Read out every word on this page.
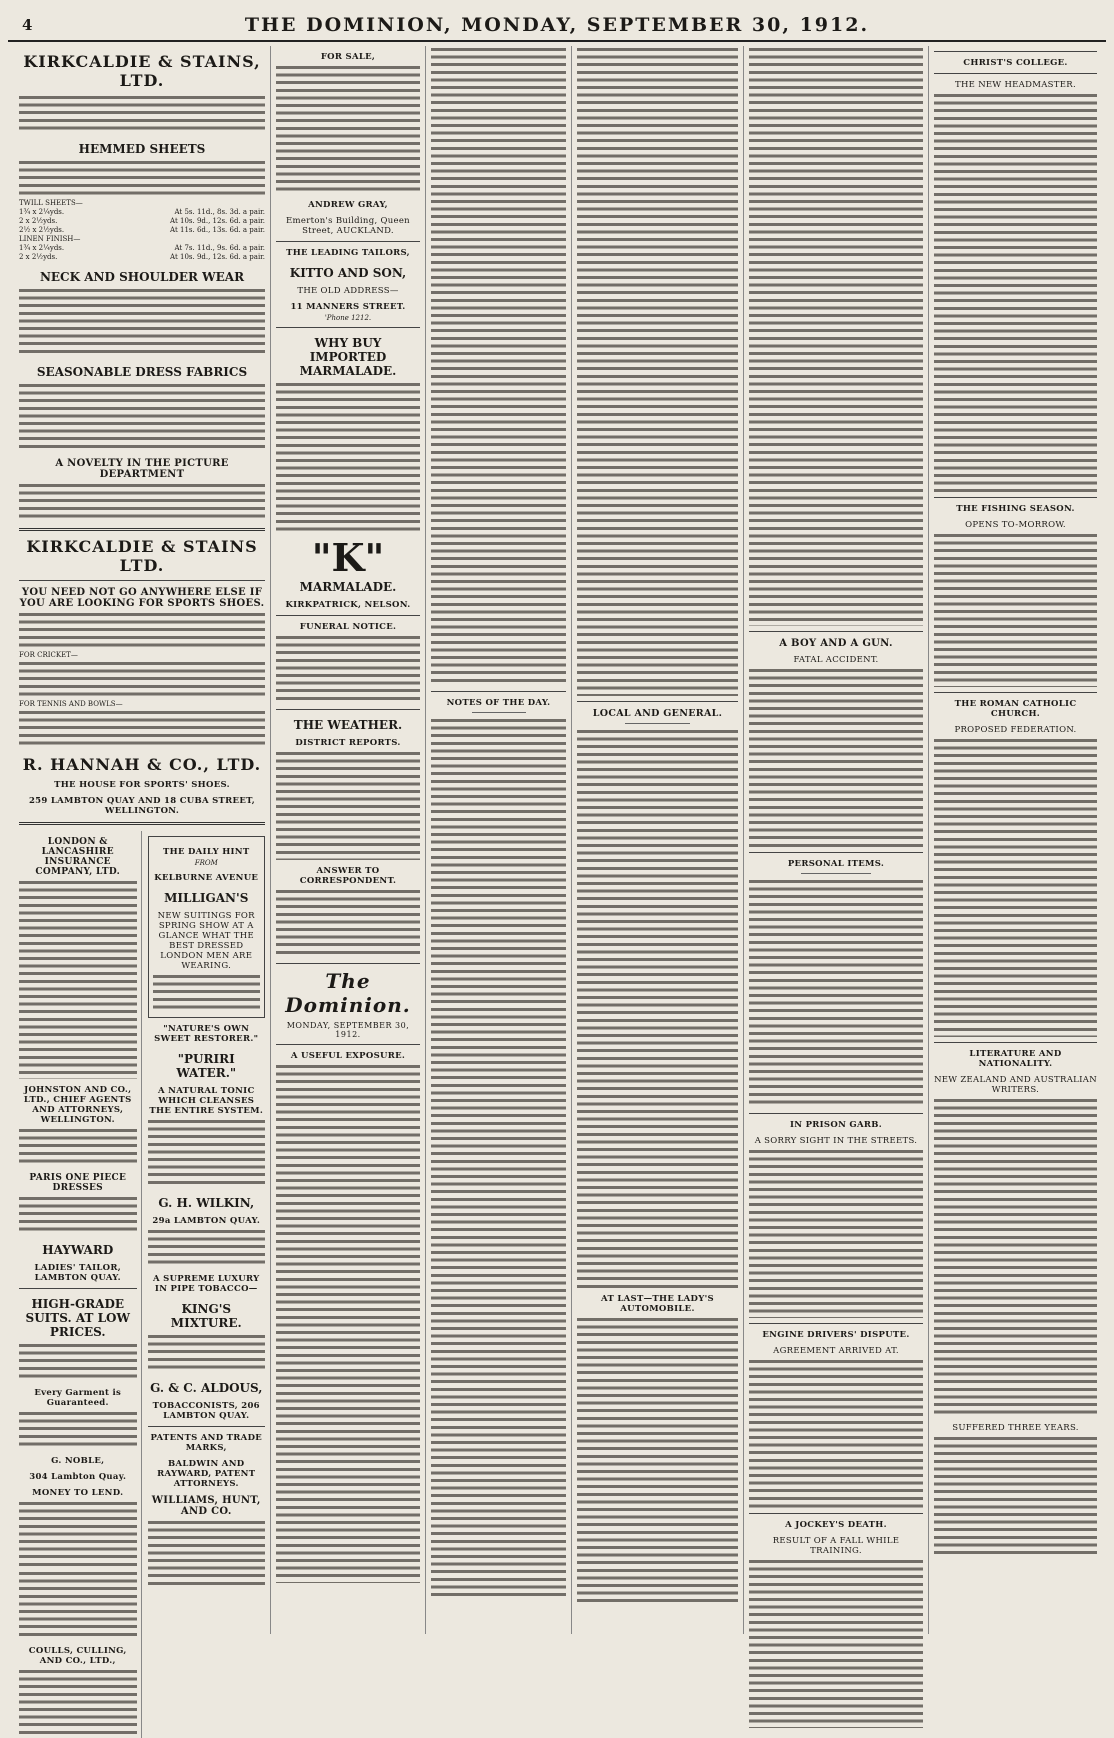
4	THE DOMINION, MONDAY, SEPTEMBER 30, 1912.
KIRKCALDIE & STAINS, LTD.
HEMMED SHEETS
TWILL SHEETS—
1¾ x 2¼yds.	At 5s. 11d., 8s. 3d. a pair.
2 x 2½yds.	At 10s. 9d., 12s. 6d. a pair.
2½ x 2½yds.	At 11s. 6d., 13s. 6d. a pair.
LINEN FINISH—
1¾ x 2¼yds.	At 7s. 11d., 9s. 6d. a pair.
2 x 2½yds.	At 10s. 9d., 12s. 6d. a pair.
NECK AND SHOULDER WEAR
SEASONABLE DRESS FABRICS
A NOVELTY IN THE PICTURE DEPARTMENT
KIRKCALDIE & STAINS LTD.
YOU NEED NOT GO ANYWHERE ELSE IF YOU ARE LOOKING FOR SPORTS SHOES.
FOR CRICKET—
FOR TENNIS AND BOWLS—
R. HANNAH & CO., LTD.
THE HOUSE FOR SPORTS' SHOES.
259 LAMBTON QUAY AND 18 CUBA STREET, WELLINGTON.
LONDON & LANCASHIRE INSURANCE COMPANY, LTD.
JOHNSTON AND CO., LTD., CHIEF AGENTS AND ATTORNEYS, WELLINGTON.
PARIS ONE PIECE DRESSES
HAYWARD
LADIES' TAILOR, LAMBTON QUAY.
HIGH-GRADE SUITS. AT LOW PRICES.
Every Garment is Guaranteed.
G. NOBLE,
304 Lambton Quay.
MONEY TO LEND.
COULLS, CULLING, AND CO., LTD.,
THE DAILY HINT
FROM
KELBURNE AVENUE
MILLIGAN'S
NEW SUITINGS FOR SPRING SHOW AT A GLANCE WHAT THE BEST DRESSED LONDON MEN ARE WEARING.
"NATURE'S OWN SWEET RESTORER."
"PURIRI WATER."
A NATURAL TONIC WHICH CLEANSES THE ENTIRE SYSTEM.
G. H. WILKIN,
29a LAMBTON QUAY.
A SUPREME LUXURY IN PIPE TOBACCO—
KING'S MIXTURE.
G. & C. ALDOUS,
TOBACCONISTS, 206 LAMBTON QUAY.
PATENTS AND TRADE MARKS,
BALDWIN AND RAYWARD, PATENT ATTORNEYS.
WILLIAMS, HUNT, AND CO.
FOR SALE,
ANDREW GRAY,
Emerton's Building, Queen Street, AUCKLAND.
THE LEADING TAILORS,
KITTO AND SON,
THE OLD ADDRESS—
11 MANNERS STREET.
'Phone 1212.
WHY BUY IMPORTED MARMALADE.
"K"
MARMALADE.
KIRKPATRICK, NELSON.
FUNERAL NOTICE.
THE WEATHER.
DISTRICT REPORTS.
ANSWER TO CORRESPONDENT.
The Dominion.
MONDAY, SEPTEMBER 30, 1912.
A USEFUL EXPOSURE.
NOTES OF THE DAY.
LOCAL AND GENERAL.
AT LAST—THE LADY'S AUTOMOBILE.
A BOY AND A GUN.
FATAL ACCIDENT.
PERSONAL ITEMS.
IN PRISON GARB.
A SORRY SIGHT IN THE STREETS.
ENGINE DRIVERS' DISPUTE.
AGREEMENT ARRIVED AT.
A JOCKEY'S DEATH.
RESULT OF A FALL WHILE TRAINING.
CHRIST'S COLLEGE.
THE NEW HEADMASTER.
THE FISHING SEASON.
OPENS TO-MORROW.
THE ROMAN CATHOLIC CHURCH.
PROPOSED FEDERATION.
LITERATURE AND NATIONALITY.
NEW ZEALAND AND AUSTRALIAN WRITERS.
SUFFERED THREE YEARS.
